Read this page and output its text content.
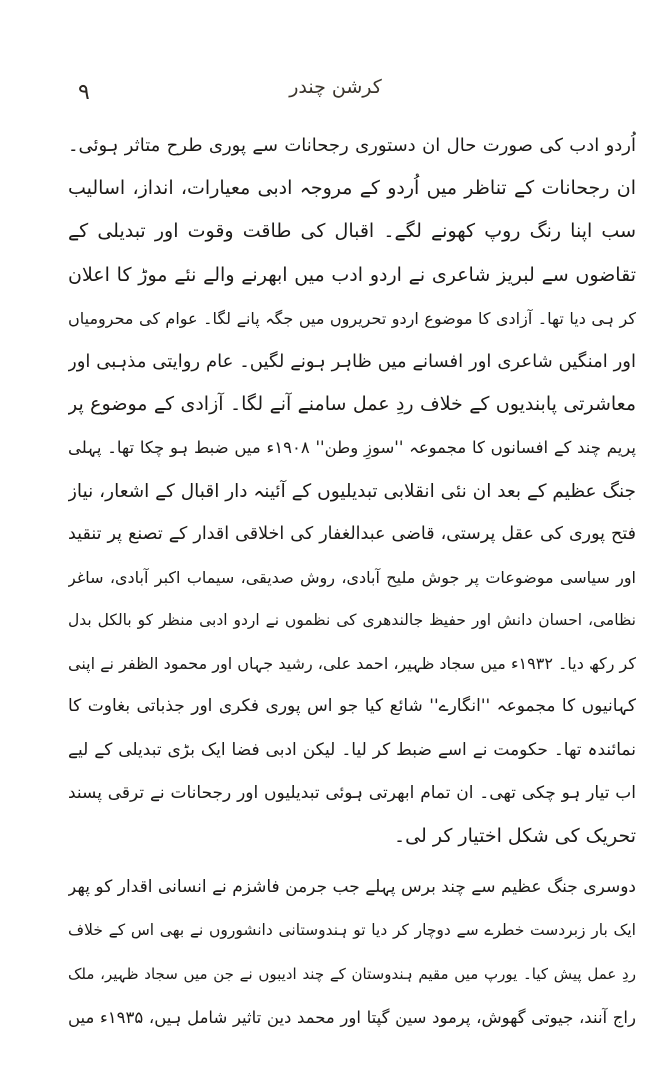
۹	کرشن چندر
اُردو ادب کی صورت حال ان دستوری رجحانات سے پوری طرح متاثر ہوئی۔
ان رجحانات کے تناظر میں اُردو کے مروجہ ادبی معیارات، انداز، اسالیب
سب اپنا رنگ روپ کھونے لگے۔ اقبال کی طاقت وقوت اور تبدیلی کے
تقاضوں سے لبریز شاعری نے اردو ادب میں ابھرنے والے نئے موڑ کا اعلان
کر ہی دیا تھا۔ آزادی کا موضوع اردو تحریروں میں جگہ پانے لگا۔ عوام کی محرومیاں
اور امنگیں شاعری اور افسانے میں ظاہر ہونے لگیں۔ عام روایتی مذہبی اور
معاشرتی پابندیوں کے خلاف ردِ عمل سامنے آنے لگا۔ آزادی کے موضوع پر
پریم چند کے افسانوں کا مجموعہ ''سوزِ وطن'' ۱۹۰۸ء میں ضبط ہو چکا تھا۔ پہلی
جنگ عظیم کے بعد ان نئی انقلابی تبدیلیوں کے آئینہ دار اقبال کے اشعار، نیاز
فتح پوری کی عقل پرستی، قاضی عبدالغفار کی اخلاقی اقدار کے تصنع پر تنقید
اور سیاسی موضوعات پر جوش ملیح آبادی، روش صدیقی، سیماب اکبر آبادی، ساغر
نظامی، احسان دانش اور حفیظ جالندھری کی نظموں نے اردو ادبی منظر کو بالکل بدل
کر رکھ دیا۔ ۱۹۳۲ء میں سجاد ظہیر، احمد علی، رشید جہاں اور محمود الظفر نے اپنی
کہانیوں کا مجموعہ ''انگارے'' شائع کیا جو اس پوری فکری اور جذباتی بغاوت کا
نمائندہ تھا۔ حکومت نے اسے ضبط کر لیا۔ لیکن ادبی فضا ایک بڑی تبدیلی کے لیے
اب تیار ہو چکی تھی۔ ان تمام ابھرتی ہوئی تبدیلیوں اور رجحانات نے ترقی پسند
تحریک کی شکل اختیار کر لی۔
دوسری جنگ عظیم سے چند برس پہلے جب جرمن فاشزم نے انسانی اقدار کو پھر
ایک بار زبردست خطرے سے دوچار کر دیا تو ہندوستانی دانشوروں نے بھی اس کے خلاف
ردِ عمل پیش کیا۔ یورپ میں مقیم ہندوستان کے چند ادیبوں نے جن میں سجاد ظہیر، ملک
راج آنند، جیوتی گھوش، پرمود سین گپتا اور محمد دین تاثیر شامل ہیں، ۱۹۳۵ء میں
